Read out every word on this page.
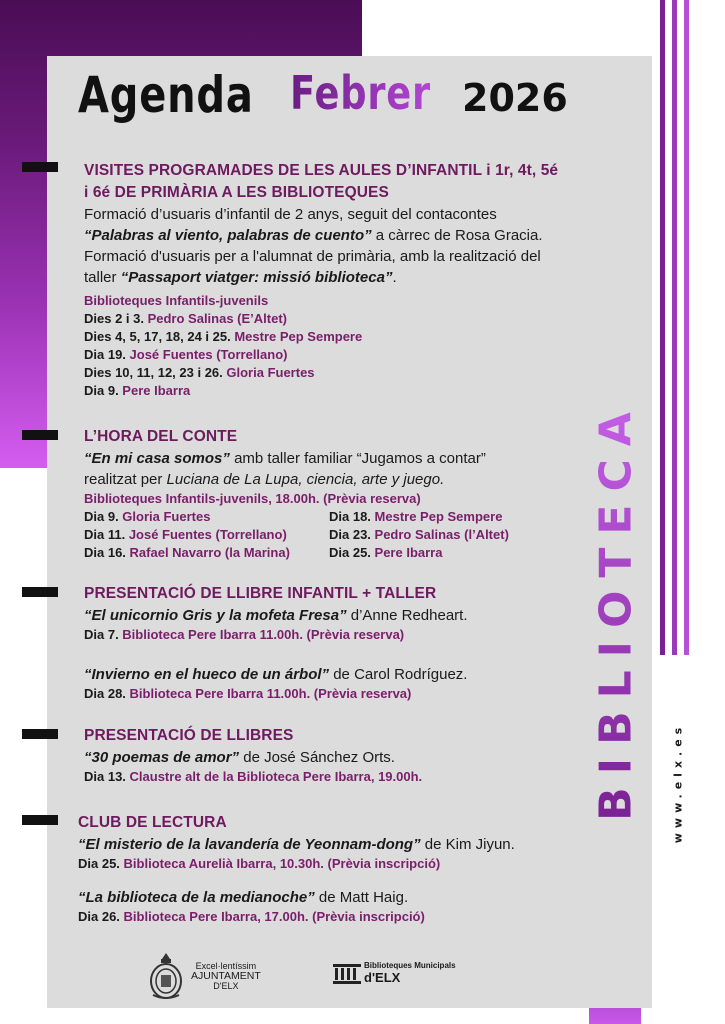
Agenda Febrer 2026
VISITES PROGRAMADES DE LES AULES D’INFANTIL i 1r, 4t, 5é
i 6é DE PRIMÀRIA A LES BIBLIOTEQUES
Formació d’usuaris d’infantil de 2 anys, seguit del contacontes
“Palabras al viento, palabras de cuento” a càrrec de Rosa Gracia.
Formació d'usuaris per a l'alumnat de primària, amb la realització del
taller “Passaport viatger: missió biblioteca”.
Biblioteques Infantils-juvenils
Dies 2 i 3. Pedro Salinas (E’Altet)
Dies 4, 5, 17, 18, 24 i 25. Mestre Pep Sempere
Dia 19. José Fuentes (Torrellano)
Dies 10, 11, 12, 23 i 26. Gloria Fuertes
Dia 9. Pere Ibarra
L’HORA DEL CONTE
“En mi casa somos” amb taller familiar “Jugamos a contar”
realitzat per Luciana de La Lupa, ciencia, arte y juego.
Biblioteques Infantils-juvenils, 18.00h. (Prèvia reserva)
Dia 9. Gloria Fuertes
Dia 11. José Fuentes (Torrellano)
Dia 16. Rafael Navarro (la Marina)
Dia 18. Mestre Pep Sempere
Dia 23. Pedro Salinas (l’Altet)
Dia 25. Pere Ibarra
PRESENTACIÓ DE LLIBRE INFANTIL + TALLER
“El unicornio Gris y la mofeta Fresa” d’Anne Redheart.
Dia 7. Biblioteca Pere Ibarra 11.00h. (Prèvia reserva)
“Invierno en el hueco de un árbol” de Carol Rodríguez.
Dia 28. Biblioteca Pere Ibarra 11.00h. (Prèvia reserva)
PRESENTACIÓ DE LLIBRES
“30 poemas de amor” de José Sánchez Orts.
Dia 13. Claustre alt de la Biblioteca Pere Ibarra, 19.00h.
CLUB DE LECTURA
“El misterio de la lavandería de Yeonnam-dong” de Kim Jiyun.
Dia 25. Biblioteca Aurelià Ibarra, 10.30h. (Prèvia inscripció)
“La biblioteca de la medianoche” de Matt Haig.
Dia 26. Biblioteca Pere Ibarra, 17.00h. (Prèvia inscripció)
BIBLIOTECA	www.elx.es
Excel·lentíssim
AJUNTAMENT
D'ELX
Biblioteques Municipals
d'ELX
